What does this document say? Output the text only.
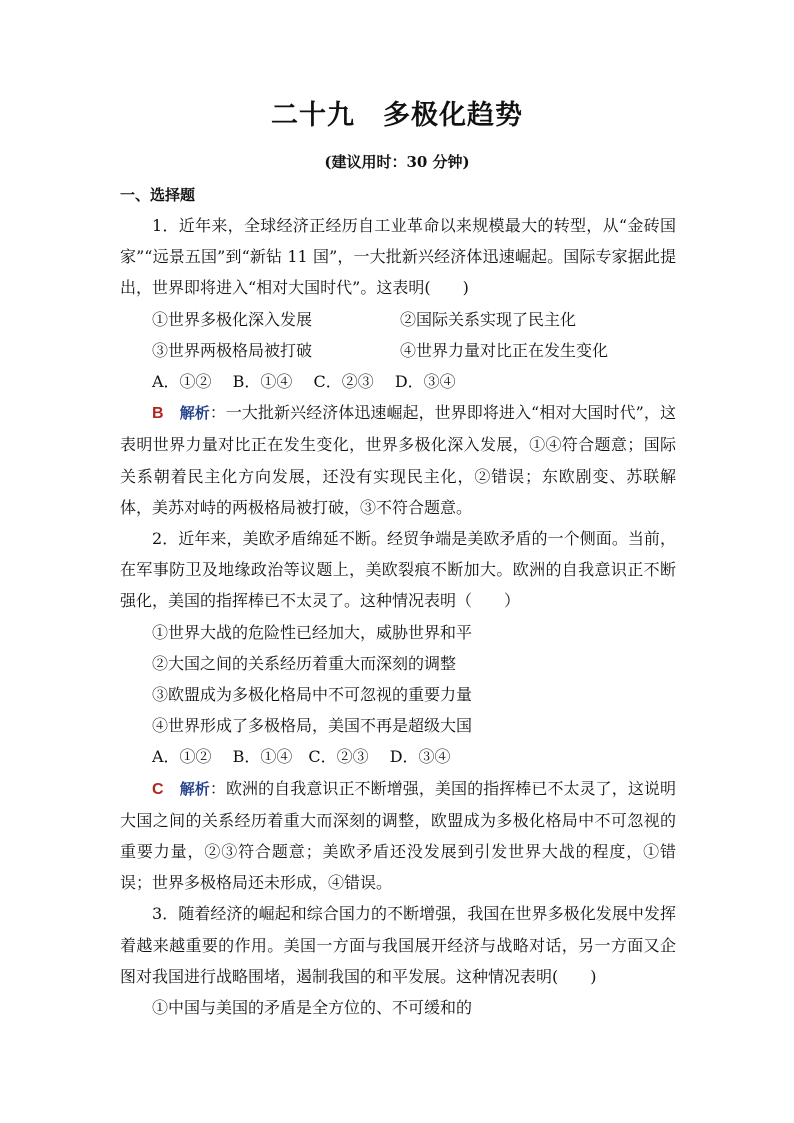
二十九 多极化趋势
(建议用时：30 分钟)
一、选择题

1．近年来，全球经济正经历自工业革命以来规模最大的转型，从“金砖国家”“远景五国”到“新钻 11 国”，一大批新兴经济体迅速崛起。国际专家据此提出，世界即将进入“相对大国时代”。这表明(　　)

①世界多极化深入发展	②国际关系实现了民主化
③世界两极格局被打破	④世界力量对比正在发生变化
A．①②　 B．①④　 C．②③　 D．③④

B　 解析：一大批新兴经济体迅速崛起，世界即将进入“相对大国时代”，这表明世界力量对比正在发生变化，世界多极化深入发展，①④符合题意；国际关系朝着民主化方向发展，还没有实现民主化，②错误；东欧剧变、苏联解体，美苏对峙的两极格局被打破，③不符合题意。

2．近年来，美欧矛盾绵延不断。经贸争端是美欧矛盾的一个侧面。当前，在军事防卫及地缘政治等议题上，美欧裂痕不断加大。欧洲的自我意识正不断强化，美国的指挥棒已不太灵了。这种情况表明（　　）

①世界大战的危险性已经加大，威胁世界和平
②大国之间的关系经历着重大而深刻的调整
③欧盟成为多极化格局中不可忽视的重要力量
④世界形成了多极格局，美国不再是超级大国
A．①②　 B．①④　C．②③　 D．③④

C　 解析：欧洲的自我意识正不断增强，美国的指挥棒已不太灵了，这说明大国之间的关系经历着重大而深刻的调整，欧盟成为多极化格局中不可忽视的重要力量，②③符合题意；美欧矛盾还没发展到引发世界大战的程度，①错误；世界多极格局还未形成，④错误。

3．随着经济的崛起和综合国力的不断增强，我国在世界多极化发展中发挥着越来越重要的作用。美国一方面与我国展开经济与战略对话，另一方面又企图对我国进行战略围堵，遏制我国的和平发展。这种情况表明(　　)

①中国与美国的矛盾是全方位的、不可缓和的
